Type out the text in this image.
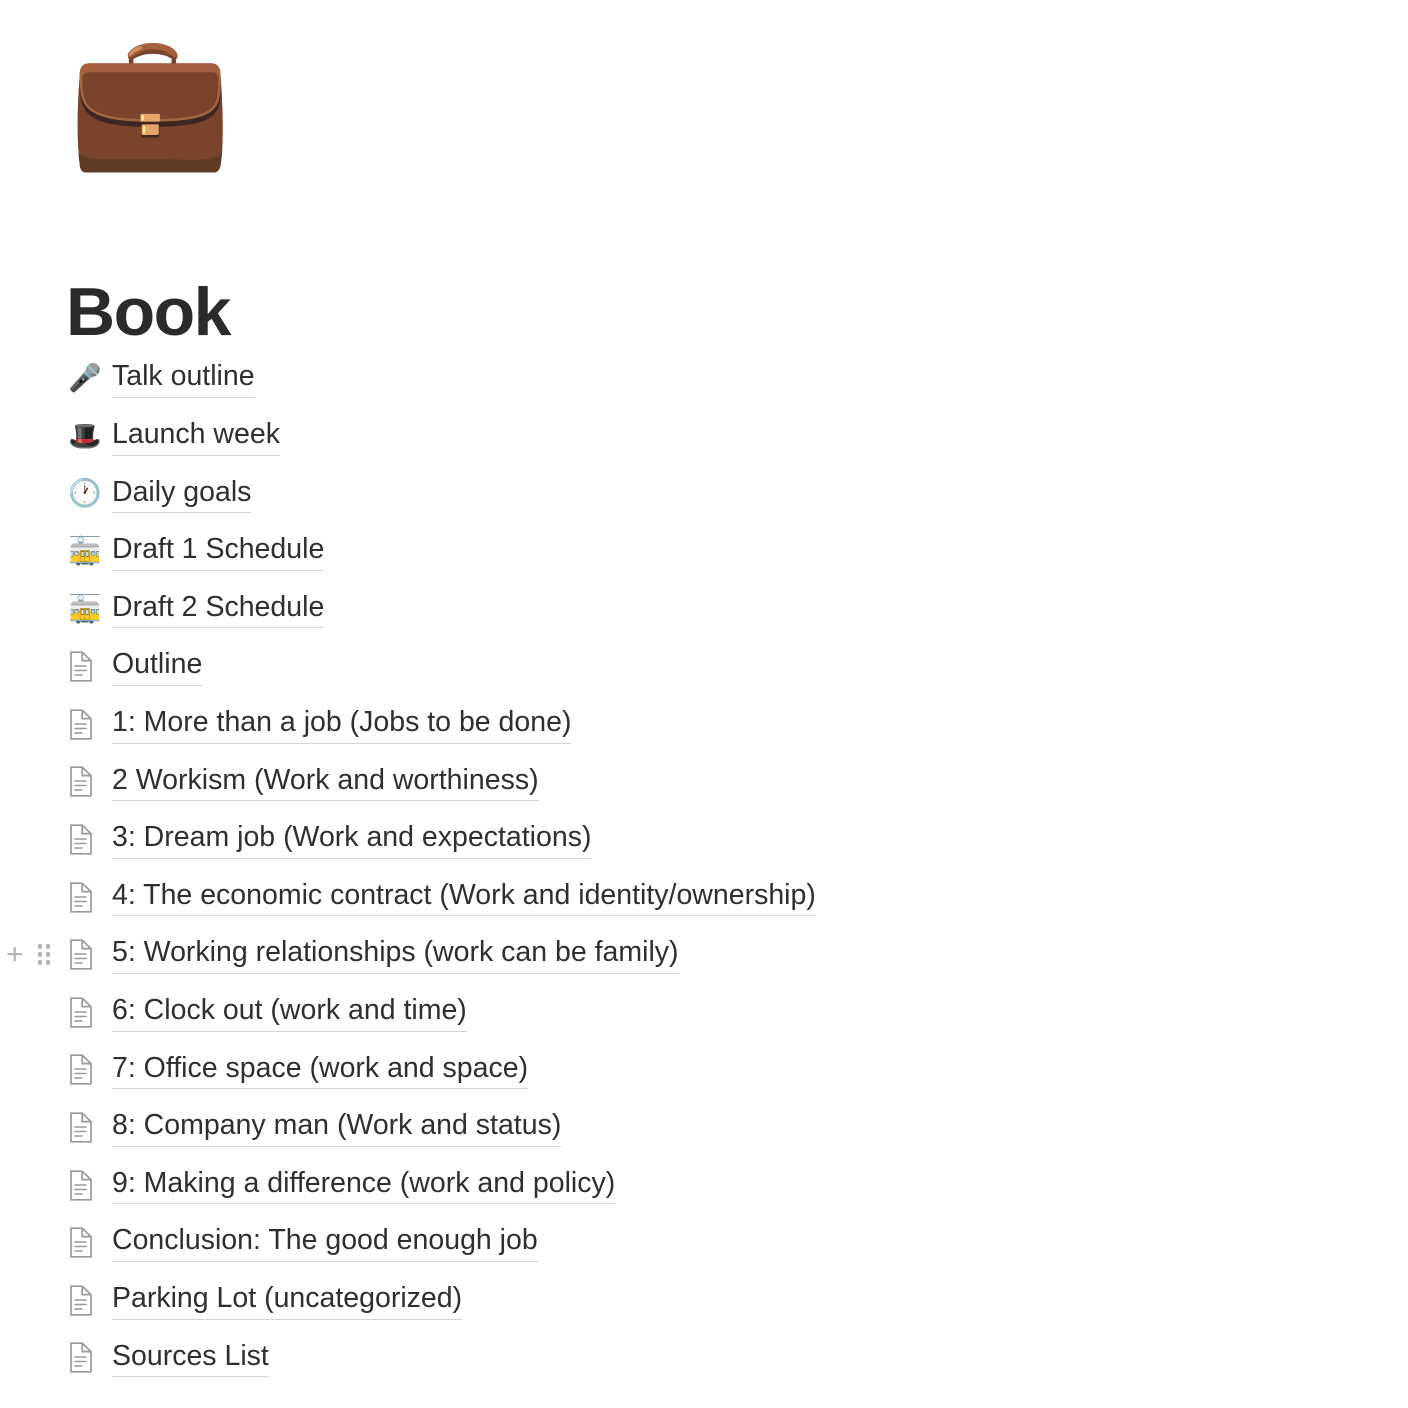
💼
Book
🎤 Talk outline
🎩 Launch week
🕐 Daily goals
🚋 Draft 1 Schedule
🚋 Draft 2 Schedule
Outline
1: More than a job (Jobs to be done)
2 Workism (Work and worthiness)
3: Dream job (Work and expectations)
4: The economic contract (Work and identity/ownership)
+	5: Working relationships (work can be family)
6: Clock out (work and time)
7: Office space (work and space)
8: Company man (Work and status)
9: Making a difference (work and policy)
Conclusion: The good enough job
Parking Lot (uncategorized)
Sources List
